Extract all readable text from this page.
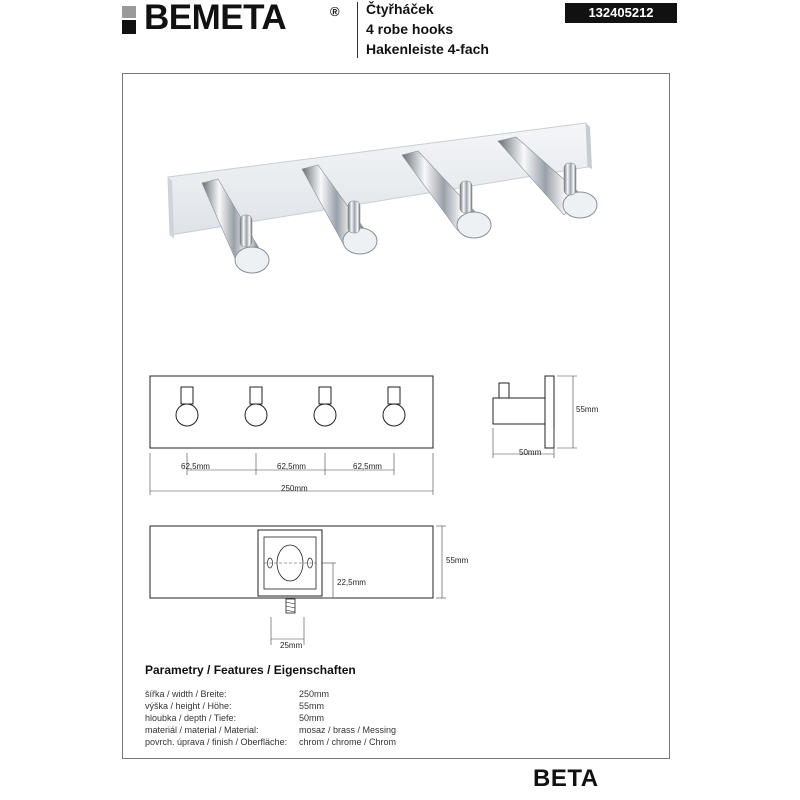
BEMETA	® Čtyřháček
4 robe hooks
Hakenleiste 4-fach
132405212
62,5mm	62,5mm	62,5mm
250mm
55mm
50mm
55mm
22,5mm
25mm
Parametry / Features / Eigenschaften
šířka / width / Breite:	250mm
výška / height / Höhe:	55mm
hloubka / depth / Tiefe:	50mm
materiál / material / Material:	mosaz / brass / Messing
povrch. úprava / finish / Oberfläche: chrom / chrome / Chrom
BETA
